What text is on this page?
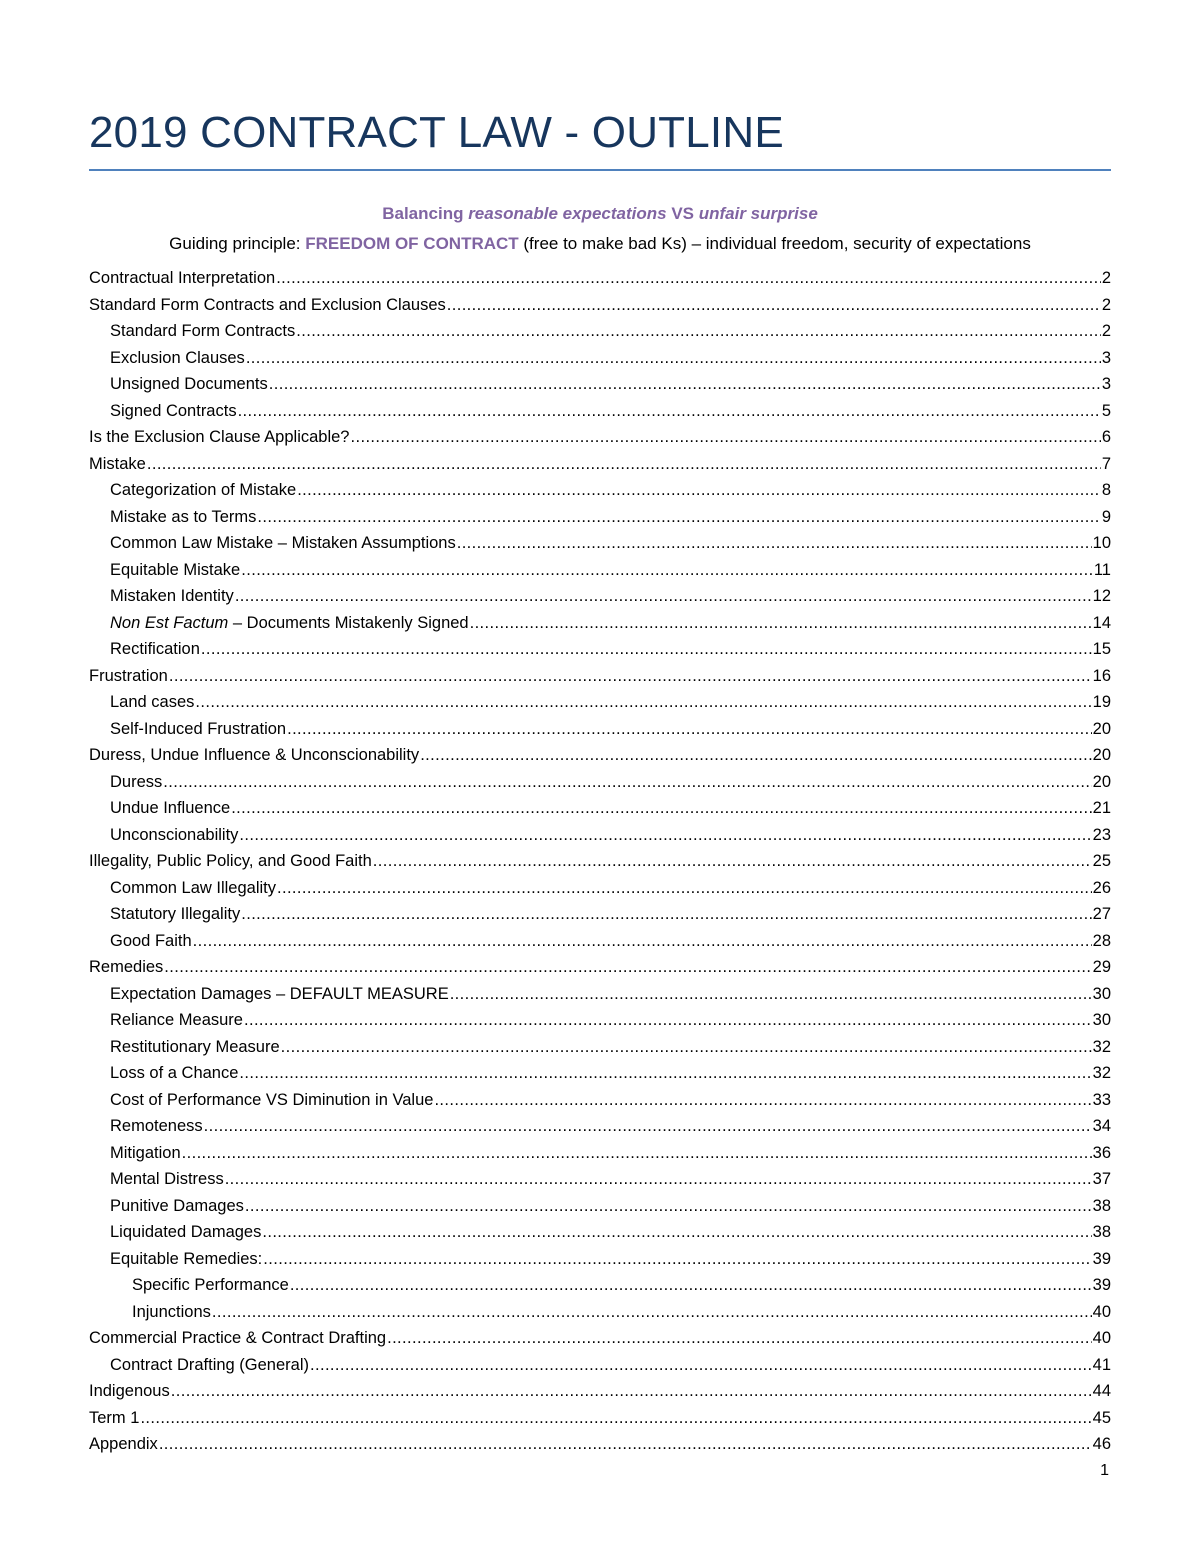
2019 CONTRACT LAW - OUTLINE
Balancing reasonable expectations VS unfair surprise
Guiding principle: FREEDOM OF CONTRACT (free to make bad Ks) – individual freedom, security of expectations
Contractual Interpretation .....	2
Standard Form Contracts and Exclusion Clauses .....	2
Standard Form Contracts .....	2
Exclusion Clauses .....	3
Unsigned Documents .....	3
Signed Contracts .....	5
Is the Exclusion Clause Applicable? .....	6
Mistake .....	7
Categorization of Mistake .....	8
Mistake as to Terms .....	9
Common Law Mistake – Mistaken Assumptions .....	10
Equitable Mistake .....	11
Mistaken Identity .....	12
Non Est Factum – Documents Mistakenly Signed .....	14
Rectification .....	15
Frustration .....	16
Land cases .....	19
Self-Induced Frustration .....	20
Duress, Undue Influence & Unconscionability .....	20
Duress .....	20
Undue Influence .....	21
Unconscionability .....	23
Illegality, Public Policy, and Good Faith .....	25
Common Law Illegality .....	26
Statutory Illegality .....	27
Good Faith .....	28
Remedies .....	29
Expectation Damages – DEFAULT MEASURE .....	30
Reliance Measure .....	30
Restitutionary Measure .....	32
Loss of a Chance .....	32
Cost of Performance VS Diminution in Value .....	33
Remoteness .....	34
Mitigation .....	36
Mental Distress .....	37
Punitive Damages .....	38
Liquidated Damages .....	38
Equitable Remedies: .....	39
Specific Performance .....	39
Injunctions .....	40
Commercial Practice & Contract Drafting .....	40
Contract Drafting (General) .....	41
Indigenous .....	44
Term 1 .....	45
Appendix .....	46
1
